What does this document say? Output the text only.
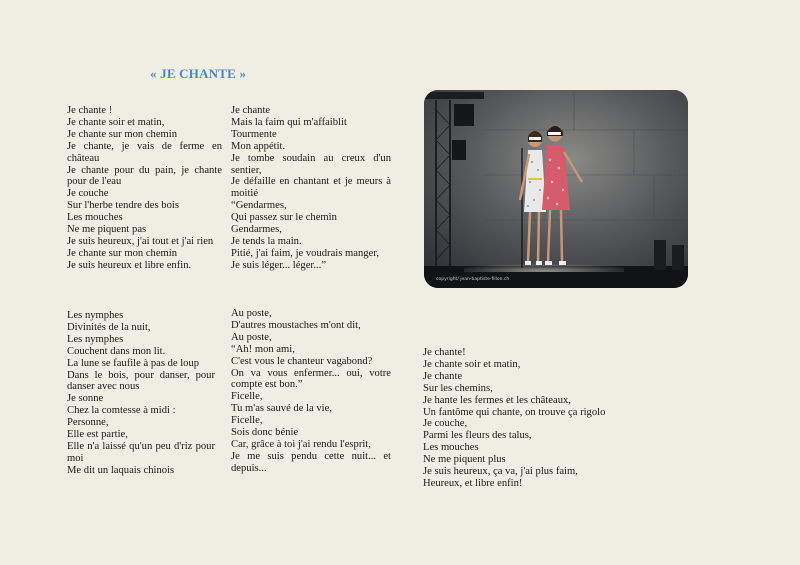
« JE CHANTE »
Je chante !
Je chante soir et matin,
Je chante sur mon chemin
Je chante, je vais de ferme en château
Je chante pour du pain, je chante pour de l'eau
Je couche
Sur l'herbe tendre des bois
Les mouches
Ne me piquent pas
Je suis heureux, j'ai tout et j'ai rien
Je chante sur mon chemin
Je suis heureux et libre enfin.
Je chante
Mais la faim qui m'affaiblit
Tourmente
Mon appétit.
Je tombe soudain au creux d'un sentier,
Je défaille en chantant et je meurs à moitié
“Gendarmes,
Qui passez sur le chemin
Gendarmes,
Je tends la main.
Pitié, j'ai faim, je voudrais manger,
Je suis léger... léger...”
Les nymphes
Divinités de la nuit,
Les nymphes
Couchent dans mon lit.
La lune se faufile à pas de loup
Dans le bois, pour danser, pour danser avec nous
Je sonne
Chez la comtesse à midi :
Personne,
Elle est partie,
Elle n'a laissé qu'un peu d'riz pour moi
Me dit un laquais chinois
Au poste,
D'autres moustaches m'ont dit,
Au poste,
“Ah! mon ami,
C'est vous le chanteur vagabond?
On va vous enfermer... oui, votre compte est bon.”
Ficelle,
Tu m'as sauvé de la vie,
Ficelle,
Sois donc bénie
Car, grâce à toi j'ai rendu l'esprit,
Je me suis pendu cette nuit... et depuis...
Je chante!
Je chante soir et matin,
Je chante
Sur les chemins,
Je hante les fermes et les châteaux,
Un fantôme qui chante, on trouve ça rigolo
Je couche,
Parmi les fleurs des talus,
Les mouches
Ne me piquent plus
Je suis heureux, ça va, j'ai plus faim,
Heureux, et libre enfin!
copyright/ jean-baptiste-fillon.ch
